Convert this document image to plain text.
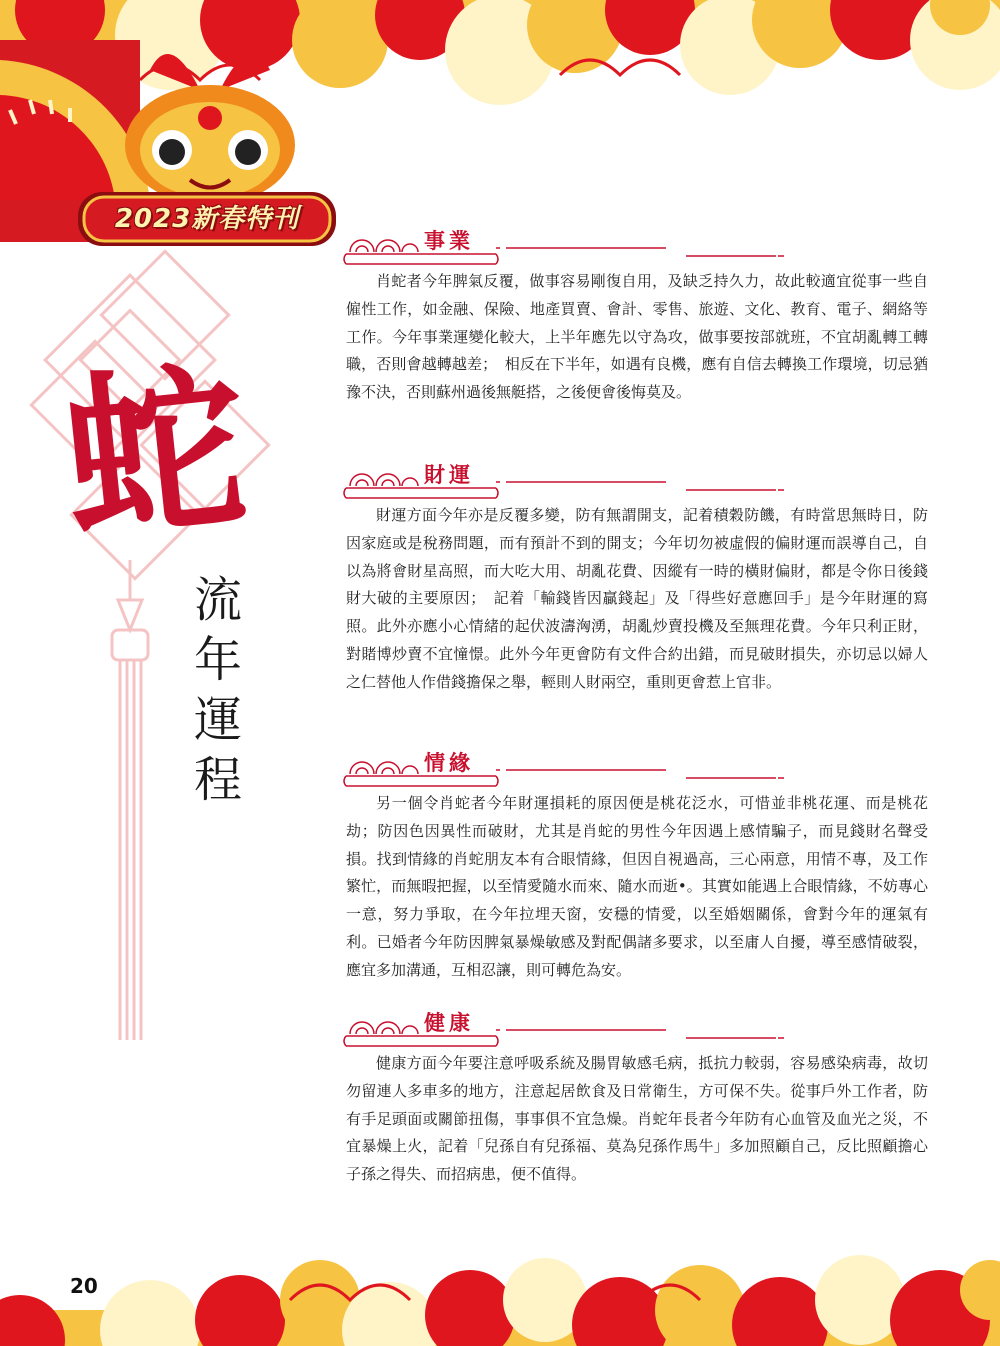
2023新春特刊
蛇
流
年
運
程
事業

肖蛇者今年脾氣反覆，做事容易剛復自用，及缺乏持久力，故此較適宜從事一些自僱性工作，如金融、保險、地產買賣、會計、零售、旅遊、文化、教育、電子、網絡等工作。今年事業運變化較大，上半年應先以守為攻，做事要按部就班，不宜胡亂轉工轉職，否則會越轉越差；　相反在下半年，如遇有良機，應有自信去轉換工作環境，切忌猶豫不決，否則蘇州過後無艇搭，之後便會後悔莫及。

財運

財運方面今年亦是反覆多變，防有無謂開支，記着積穀防饑，有時當思無時日，防因家庭或是稅務問題，而有預計不到的開支；今年切勿被虛假的偏財運而誤導自己，自以為將會財星高照，而大吃大用、胡亂花費、因縱有一時的橫財偏財，都是令你日後錢財大破的主要原因；　記着「輸錢皆因贏錢起」及「得些好意應回手」是今年財運的寫照。此外亦應小心情緒的起伏波濤洶湧，胡亂炒賣投機及至無理花費。今年只利正財，對賭博炒賣不宜憧憬。此外今年更會防有文件合約出錯，而見破財損失，亦切忌以婦人之仁替他人作借錢擔保之舉，輕則人財兩空，重則更會惹上官非。

情緣

另一個令肖蛇者今年財運損耗的原因便是桃花泛水，可惜並非桃花運、而是桃花劫；防因色因異性而破財，尤其是肖蛇的男性今年因遇上感情騙子，而見錢財名聲受損。找到情緣的肖蛇朋友本有合眼情緣，但因自視過高，三心兩意，用情不專，及工作繁忙，而無暇把握，以至情愛隨水而來、隨水而逝•。其實如能遇上合眼情緣，不妨專心一意，努力爭取，在今年拉埋天窗，安穩的情愛，以至婚姻關係，會對今年的運氣有利。已婚者今年防因脾氣暴燥敏感及對配偶諸多要求，以至庸人自擾，導至感情破裂，應宜多加溝通，互相忍讓，則可轉危為安。

健康

健康方面今年要注意呼吸系統及腸胃敏感毛病，抵抗力較弱，容易感染病毒，故切勿留連人多車多的地方，注意起居飲食及日常衛生，方可保不失。從事戶外工作者，防有手足頭面或關節扭傷，事事俱不宜急燥。肖蛇年長者今年防有心血管及血光之災，不宜暴燥上火，記着「兒孫自有兒孫福、莫為兒孫作馬牛」多加照顧自己，反比照顧擔心子孫之得失、而招病患，便不值得。

20
